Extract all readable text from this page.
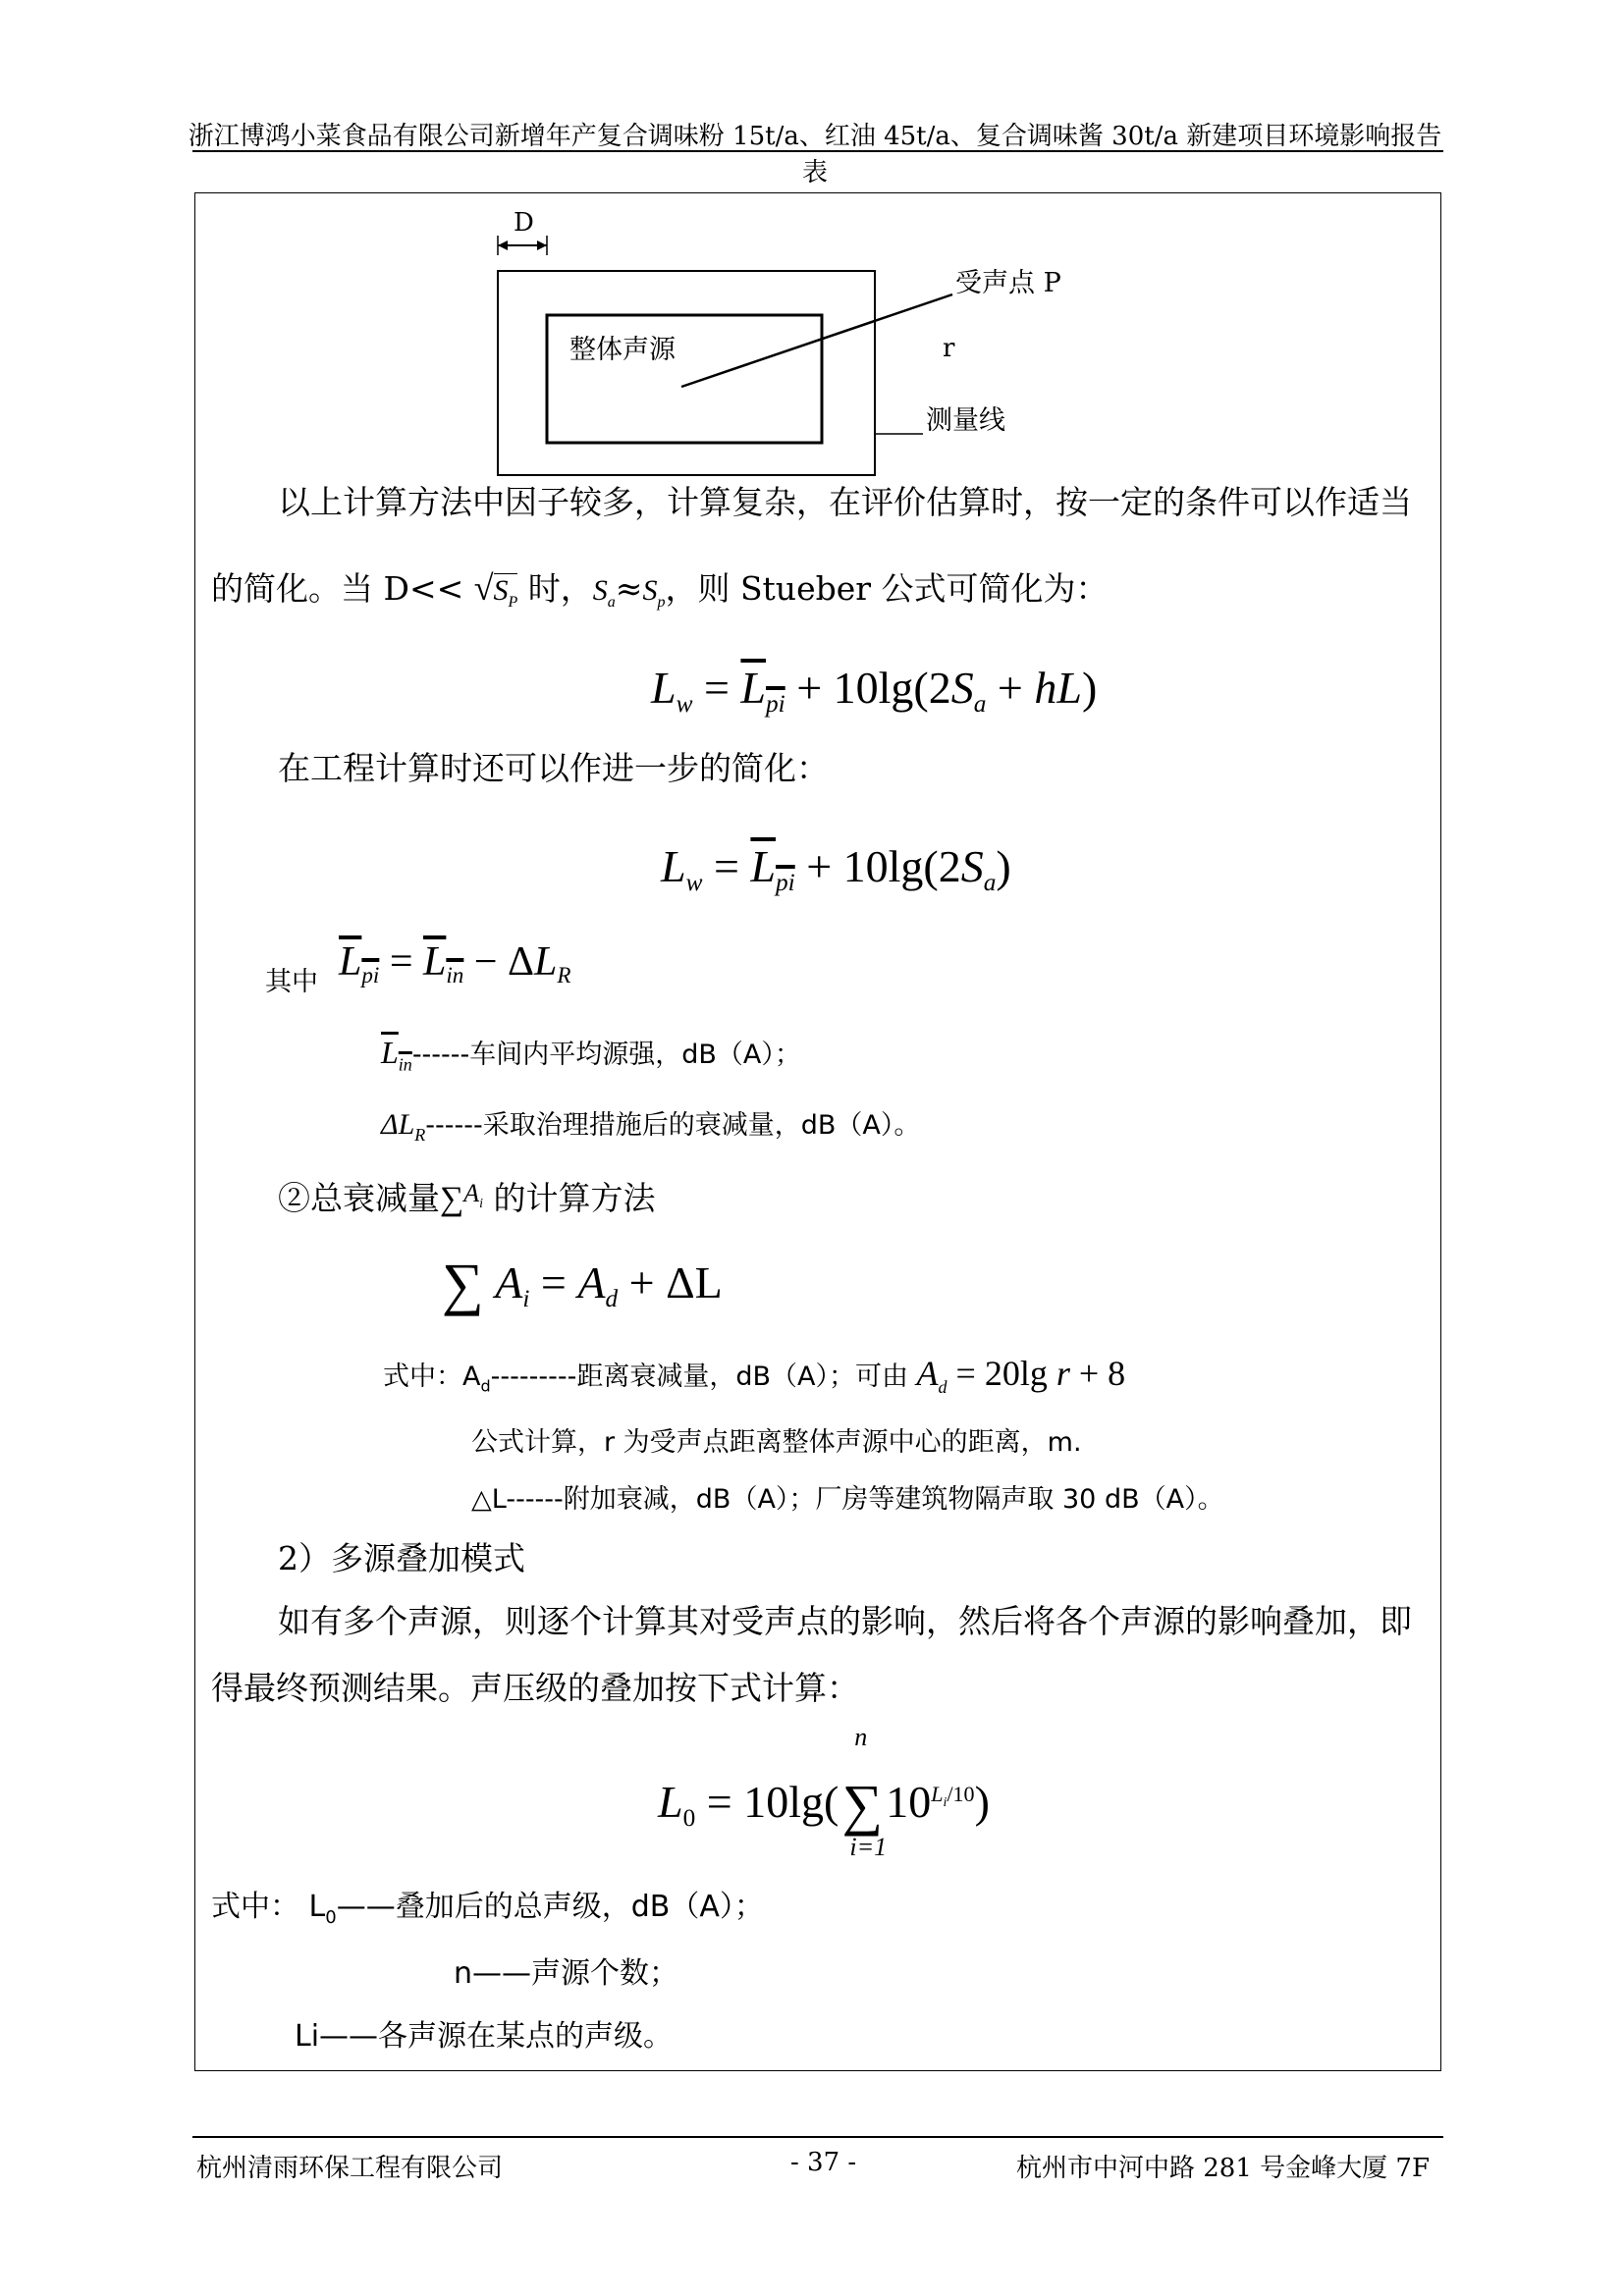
浙江博鸿小菜食品有限公司新增年产复合调味粉 15t/a、红油 45t/a、复合调味酱 30t/a 新建项目环境影响报告表
D
受声点 P
整体声源	r
测量线
以上计算方法中因子较多，计算复杂，在评价估算时，按一定的条件可以作适当
的简化。当 $D<< √S_P$ 时，$S_a\approx S_p$，则 Stueber 公式可简化为：
$L_w = L_{pi} + 10\lg(2S_a + hL)$
在工程计算时还可以作进一步的简化：
$L_w = L_{pi} + 10\lg(2S_a)$
其中 $L_{pi} = L_{in} - \Delta L_R$
$L_{in}------$车间内平均源强，dB（A）；
$\Delta L_R------$采取治理措施后的衰减量，dB（A）。
②总衰减量∑$^{A_i}$ 的计算方法
∑ $A_i = A_d + \Delta L$
式中：$A_d---------$距离衰减量，dB（A）；可由 $A_d = 20\lg$ r + 8
公式计算，r 为受声点距离整体声源中心的距离，m.
△L------附加衰减，dB（A）；厂房等建筑物隔声取 30 dB（A）。
2）多源叠加模式
如有多个声源，则逐个计算其对受声点的影响，然后将各个声源的影响叠加，即
得最终预测结果。声压级的叠加按下式计算：
$L_0 = 10\lg$(
n
∑
i=1
$10^{L_i/10}$)
式中： $L_0——$叠加后的总声级，dB（A）；
n——声源个数；
Li——各声源在某点的声级。
杭州清雨环保工程有限公司	- 37 -	杭州市中河中路 281 号金峰大厦 7F
